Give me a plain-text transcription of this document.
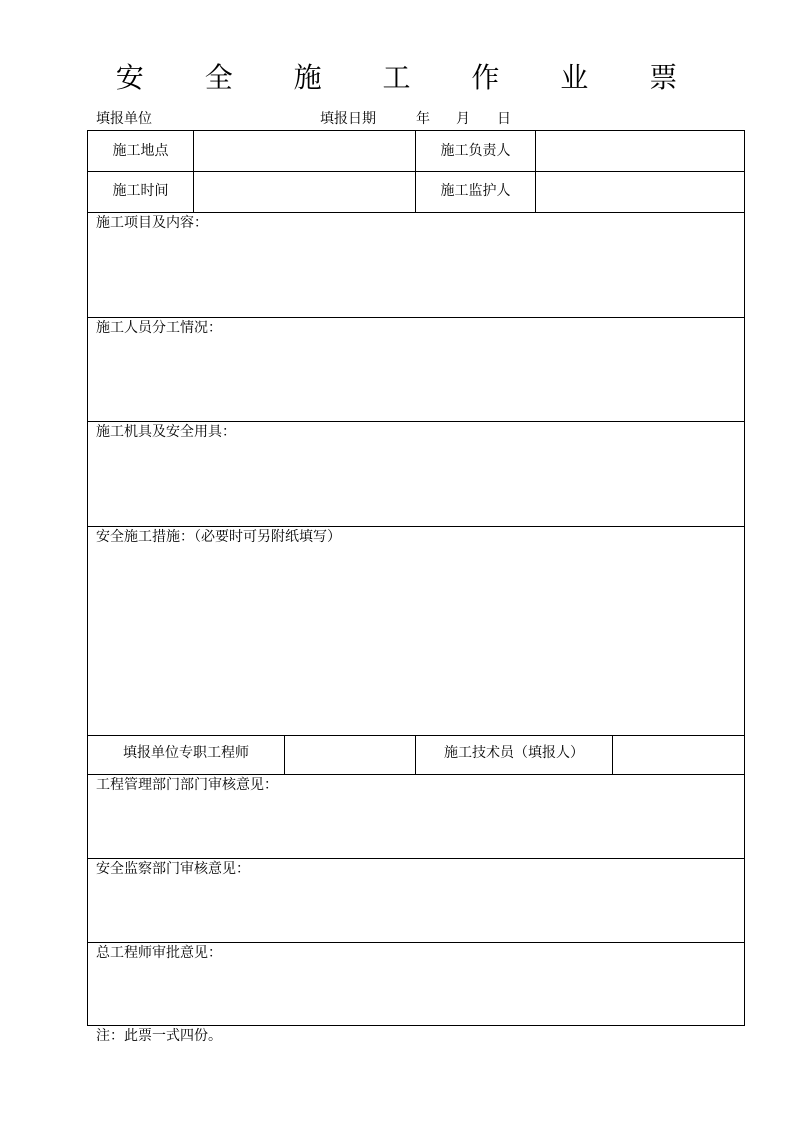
安 全 施 工 作 业 票
填报单位	填报日期	年 月 日
施工地点	施工负责人
施工时间	施工监护人
施工项目及内容：
施工人员分工情况：
施工机具及安全用具：
安全施工措施：（必要时可另附纸填写）
填报单位专职工程师	施工技术员（填报人）
工程管理部门部门审核意见：
安全监察部门审核意见：
总工程师审批意见：
注：此票一式四份。
